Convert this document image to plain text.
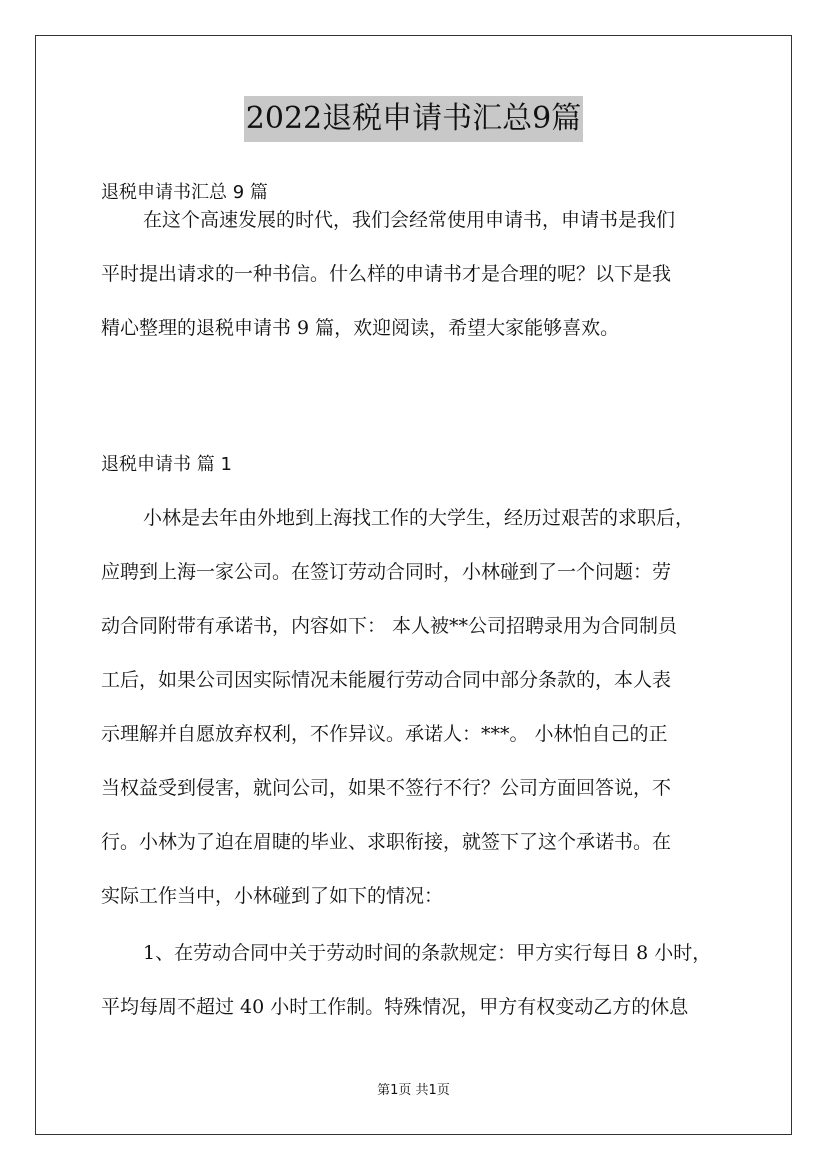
2022退税申请书汇总9篇
退税申请书汇总 9 篇
在这个高速发展的时代，我们会经常使用申请书，申请书是我们
平时提出请求的一种书信。什么样的申请书才是合理的呢？以下是我
精心整理的退税申请书 9 篇，欢迎阅读，希望大家能够喜欢。
退税申请书 篇 1
小林是去年由外地到上海找工作的大学生，经历过艰苦的求职后，
应聘到上海一家公司。在签订劳动合同时，小林碰到了一个问题：劳
动合同附带有承诺书，内容如下： 本人被**公司招聘录用为合同制员
工后，如果公司因实际情况未能履行劳动合同中部分条款的，本人表
示理解并自愿放弃权利，不作异议。承诺人：***。 小林怕自己的正
当权益受到侵害，就问公司，如果不签行不行？公司方面回答说，不
行。小林为了迫在眉睫的毕业、求职衔接，就签下了这个承诺书。在
实际工作当中，小林碰到了如下的情况：
1、在劳动合同中关于劳动时间的条款规定：甲方实行每日 8 小时，
平均每周不超过 40 小时工作制。特殊情况，甲方有权变动乙方的休息
第1页 共1页
